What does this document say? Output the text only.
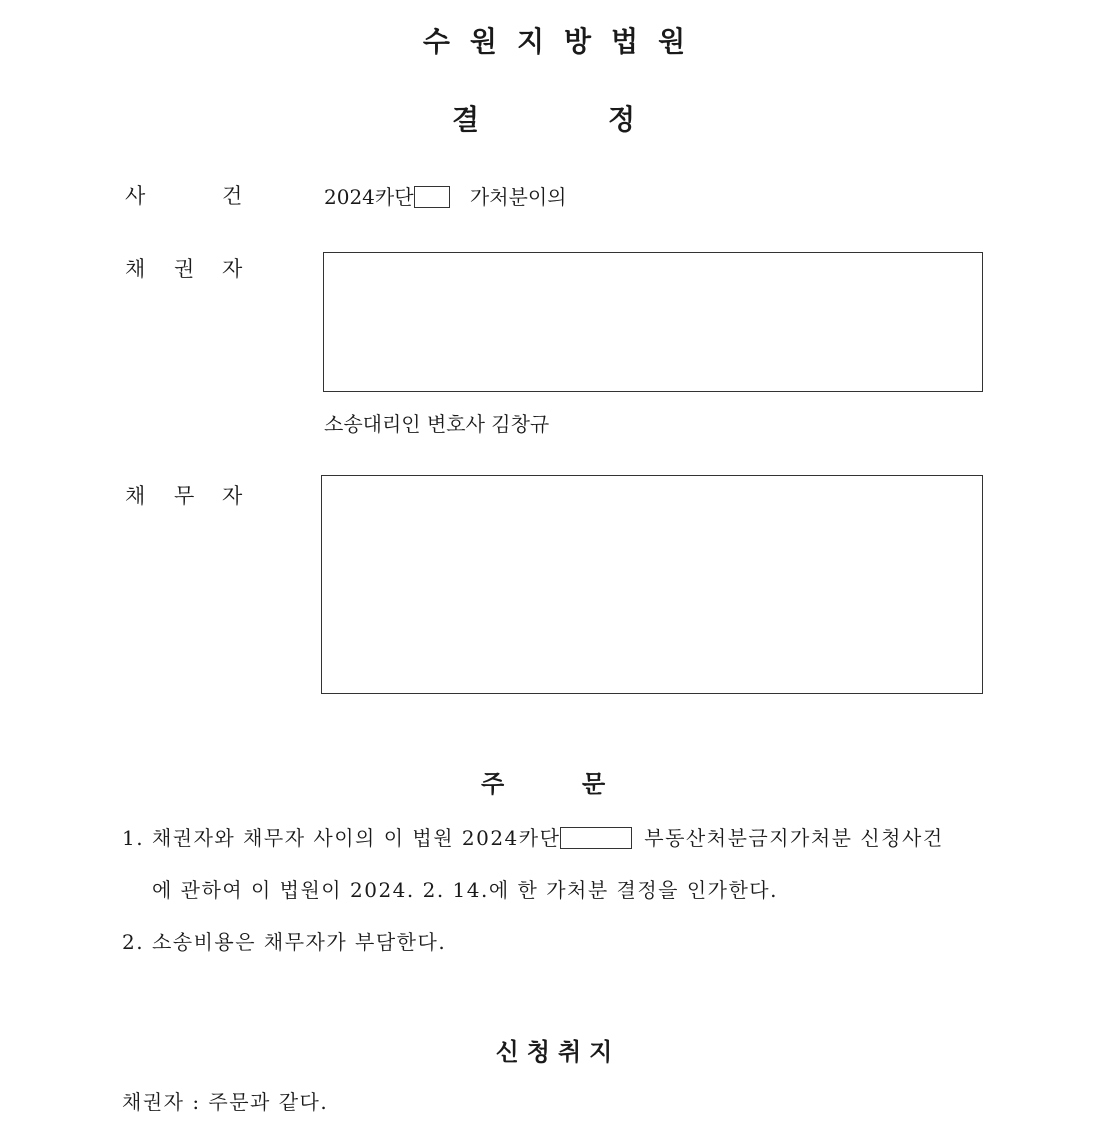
수원지방법원
결	정
사	건	2024카단	가처분이의
채 권 자
소송대리인 변호사 김창규
채 무 자
주	문
1. 채권자와 채무자 사이의 이 법원 2024카단	부동산처분금지가처분 신청사건
에 관하여 이 법원이 2024. 2. 14.에 한 가처분 결정을 인가한다.
2. 소송비용은 채무자가 부담한다.
신청취지
채권자 : 주문과 같다.
